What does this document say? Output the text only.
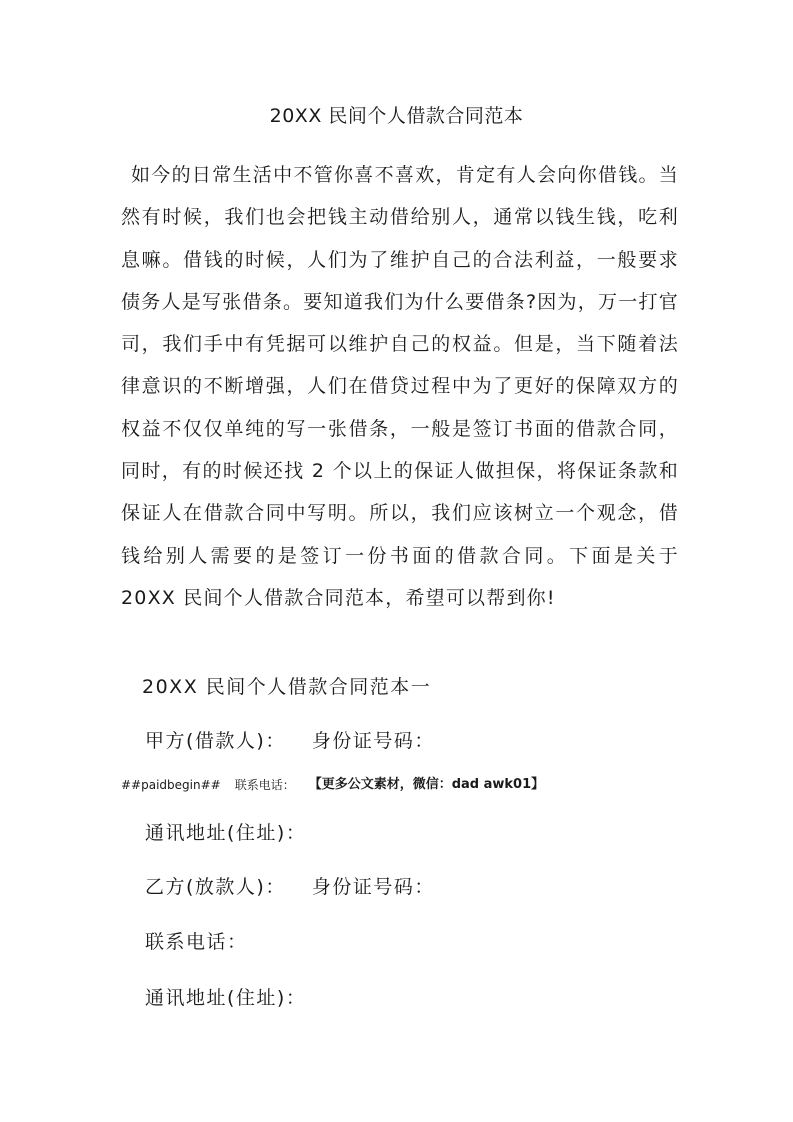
20XX 民间个人借款合同范本

如今的日常生活中不管你喜不喜欢，肯定有人会向你借钱。当然有时候，我们也会把钱主动借给别人，通常以钱生钱，吃利息嘛。借钱的时候，人们为了维护自己的合法利益，一般要求债务人是写张借条。要知道我们为什么要借条?因为，万一打官司，我们手中有凭据可以维护自己的权益。但是，当下随着法律意识的不断增强，人们在借贷过程中为了更好的保障双方的权益不仅仅单纯的写一张借条，一般是签订书面的借款合同，同时，有的时候还找 2 个以上的保证人做担保，将保证条款和保证人在借款合同中写明。所以，我们应该树立一个观念，借钱给别人需要的是签订一份书面的借款合同。下面是关于 20XX 民间个人借款合同范本，希望可以帮到你!

20XX 民间个人借款合同范本一
甲方(借款人)： 身份证号码：
##paidbegin## 联系电话： 【更多公文素材，微信：dad awk01】
通讯地址(住址)：
乙方(放款人)： 身份证号码：
联系电话：
通讯地址(住址)：
